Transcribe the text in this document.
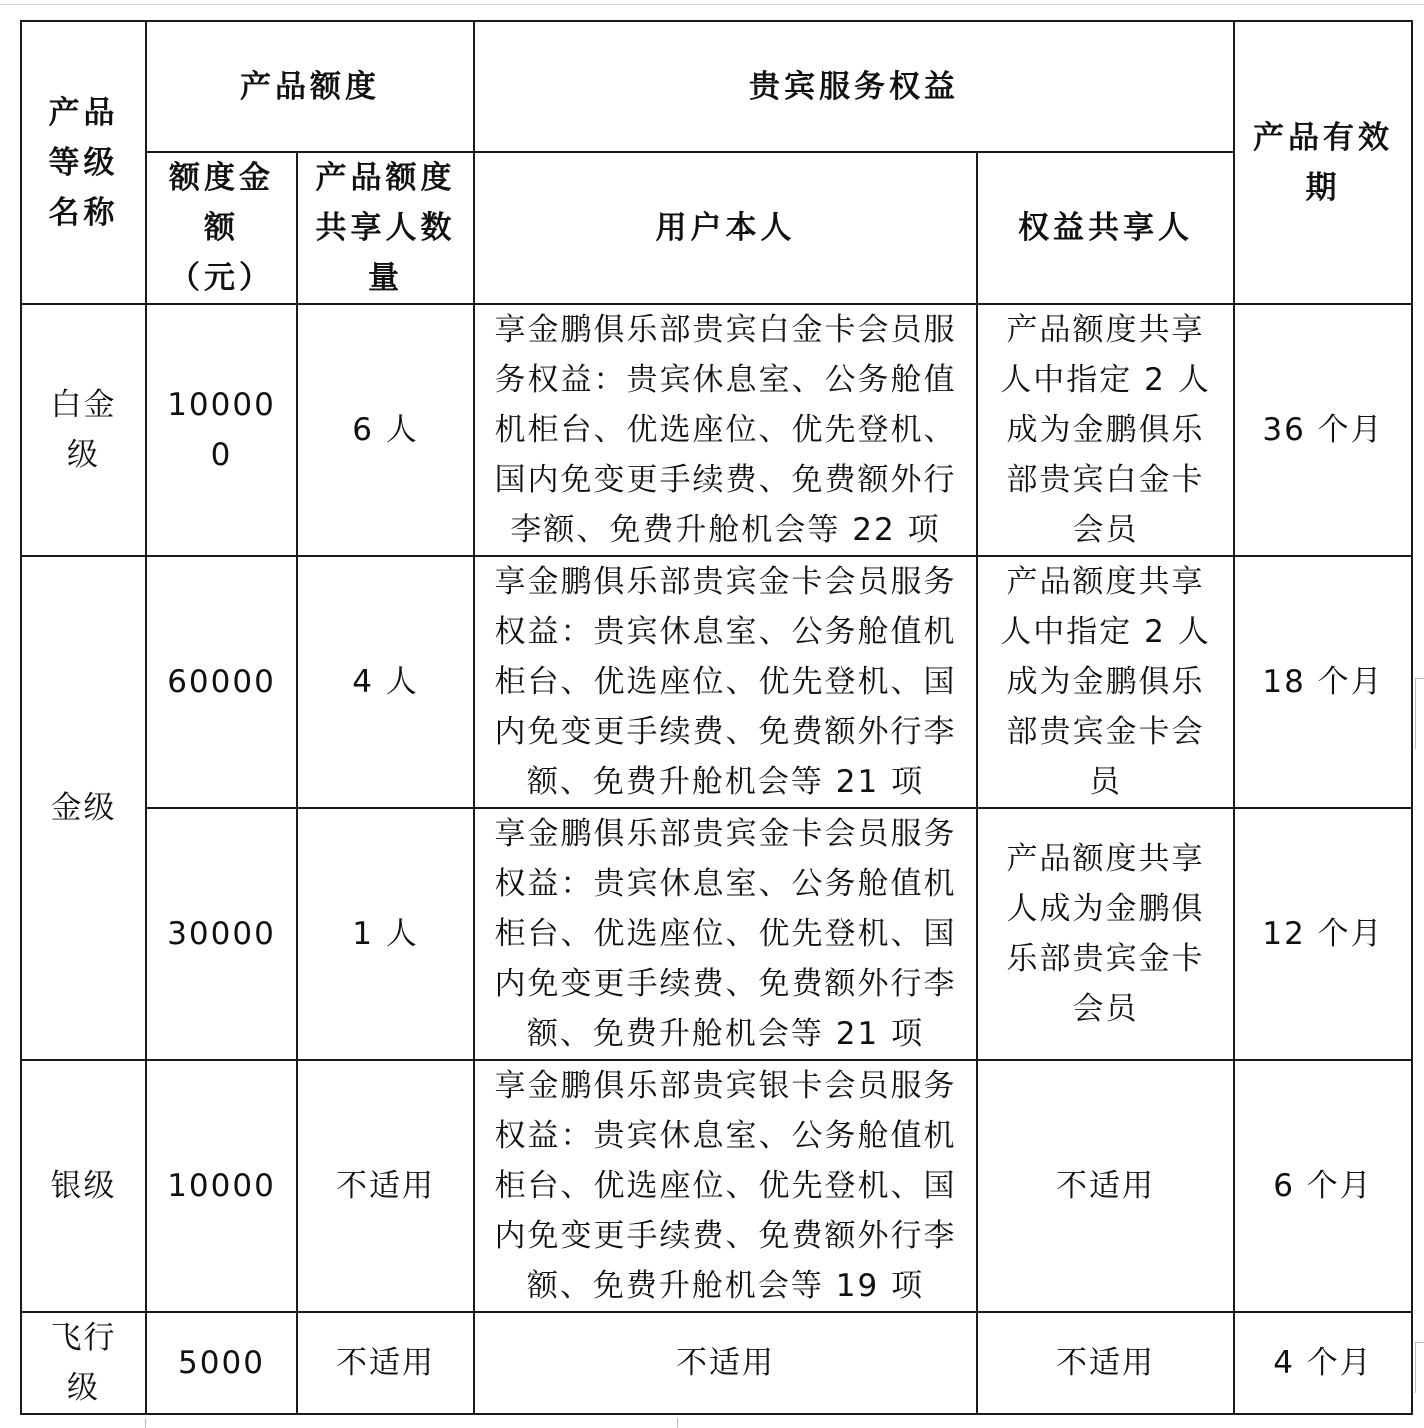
产品等级名称	产品额度		贵宾服务权益		产品有效期
	额度金额（元）	产品额度共享人数量	用户本人	权益共享人	
白金级	100000	6 人	享金鹏俱乐部贵宾白金卡会员服务权益：贵宾休息室、公务舱值机柜台、优选座位、优先登机、国内免变更手续费、免费额外行李额、免费升舱机会等 22 项	产品额度共享人中指定 2 人成为金鹏俱乐部贵宾白金卡会员	36 个月
金级	60000	4 人	享金鹏俱乐部贵宾金卡会员服务权益：贵宾休息室、公务舱值机柜台、优选座位、优先登机、国内免变更手续费、免费额外行李额、免费升舱机会等 21 项	产品额度共享人中指定 2 人成为金鹏俱乐部贵宾金卡会员	18 个月
	30000	1 人	享金鹏俱乐部贵宾金卡会员服务权益：贵宾休息室、公务舱值机柜台、优选座位、优先登机、国内免变更手续费、免费额外行李额、免费升舱机会等 21 项	产品额度共享人成为金鹏俱乐部贵宾金卡会员	12 个月
银级	10000	不适用	享金鹏俱乐部贵宾银卡会员服务权益：贵宾休息室、公务舱值机柜台、优选座位、优先登机、国内免变更手续费、免费额外行李额、免费升舱机会等 19 项	不适用	6 个月
飞行级	5000	不适用	不适用	不适用	4 个月
